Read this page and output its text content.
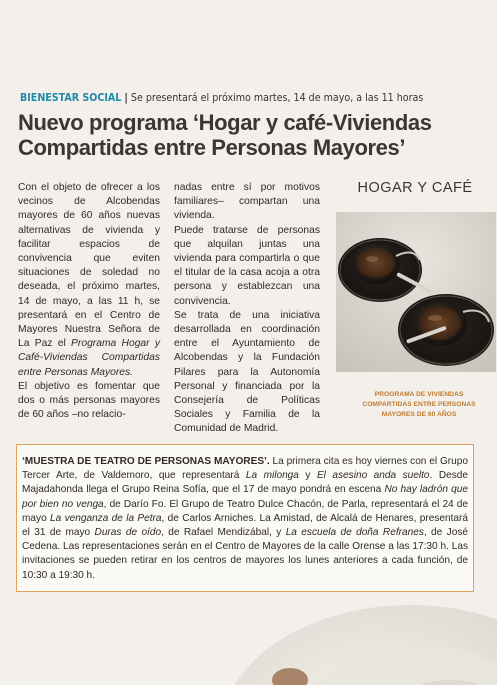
BIENESTAR SOCIAL | Se presentará el próximo martes, 14 de mayo, a las 11 horas
Nuevo programa ‘Hogar y café-Viviendas Compartidas entre Personas Mayores’

Con el objeto de ofrecer a los vecinos de Alcobendas mayores de 60 años nuevas alternativas de vivienda y facilitar espacios de convivencia que eviten situaciones de soledad no deseada, el próximo martes, 14 de mayo, a las 11 h, se presentará en el Centro de Mayores Nuestra Señora de La Paz el Programa Hogar y Café-Viviendas Compartidas entre Personas Mayores.

El objetivo es fomentar que dos o más personas mayores de 60 años –no relacio-

nadas entre sí por motivos familiares– compartan una vivienda.

Puede tratarse de personas que alquilan juntas una vivienda para compartirla o que el titular de la casa acoja a otra persona y establezcan una convivencia.

Se trata de una iniciativa desarrollada en coordinación entre el Ayuntamiento de Alcobendas y la Fundación Pilares para la Autonomía Personal y financiada por la Consejería de Políticas Sociales y Familia de la Comunidad de Madrid.

HOGAR Y CAFÉ
PROGRAMA DE VIVIENDAS COMPARTIDAS ENTRE PERSONAS MAYORES DE 60 AÑOS
‘MUESTRA DE TEATRO DE PERSONAS MAYORES’. La primera cita es hoy viernes con el Grupo Tercer Arte, de Valdemoro, que representará La milonga y El asesino anda suelto. Desde Majadahonda llega el Grupo Reina Sofía, que el 17 de mayo pondrá en escena No hay ladrón que por bien no venga, de Darío Fo. El Grupo de Teatro Dulce Chacón, de Parla, representará el 24 de mayo La venganza de la Petra, de Carlos Arniches. La Amistad, de Alcalá de Henares, presentará el 31 de mayo Duras de oído, de Rafael Mendizábal, y La escuela de doña Refranes, de José Cedena. Las representaciones serán en el Centro de Mayores de la calle Orense a las 17:30 h. Las invitaciones se pueden retirar en los centros de mayores los lunes anteriores a cada función, de 10:30 a 19:30 h.
